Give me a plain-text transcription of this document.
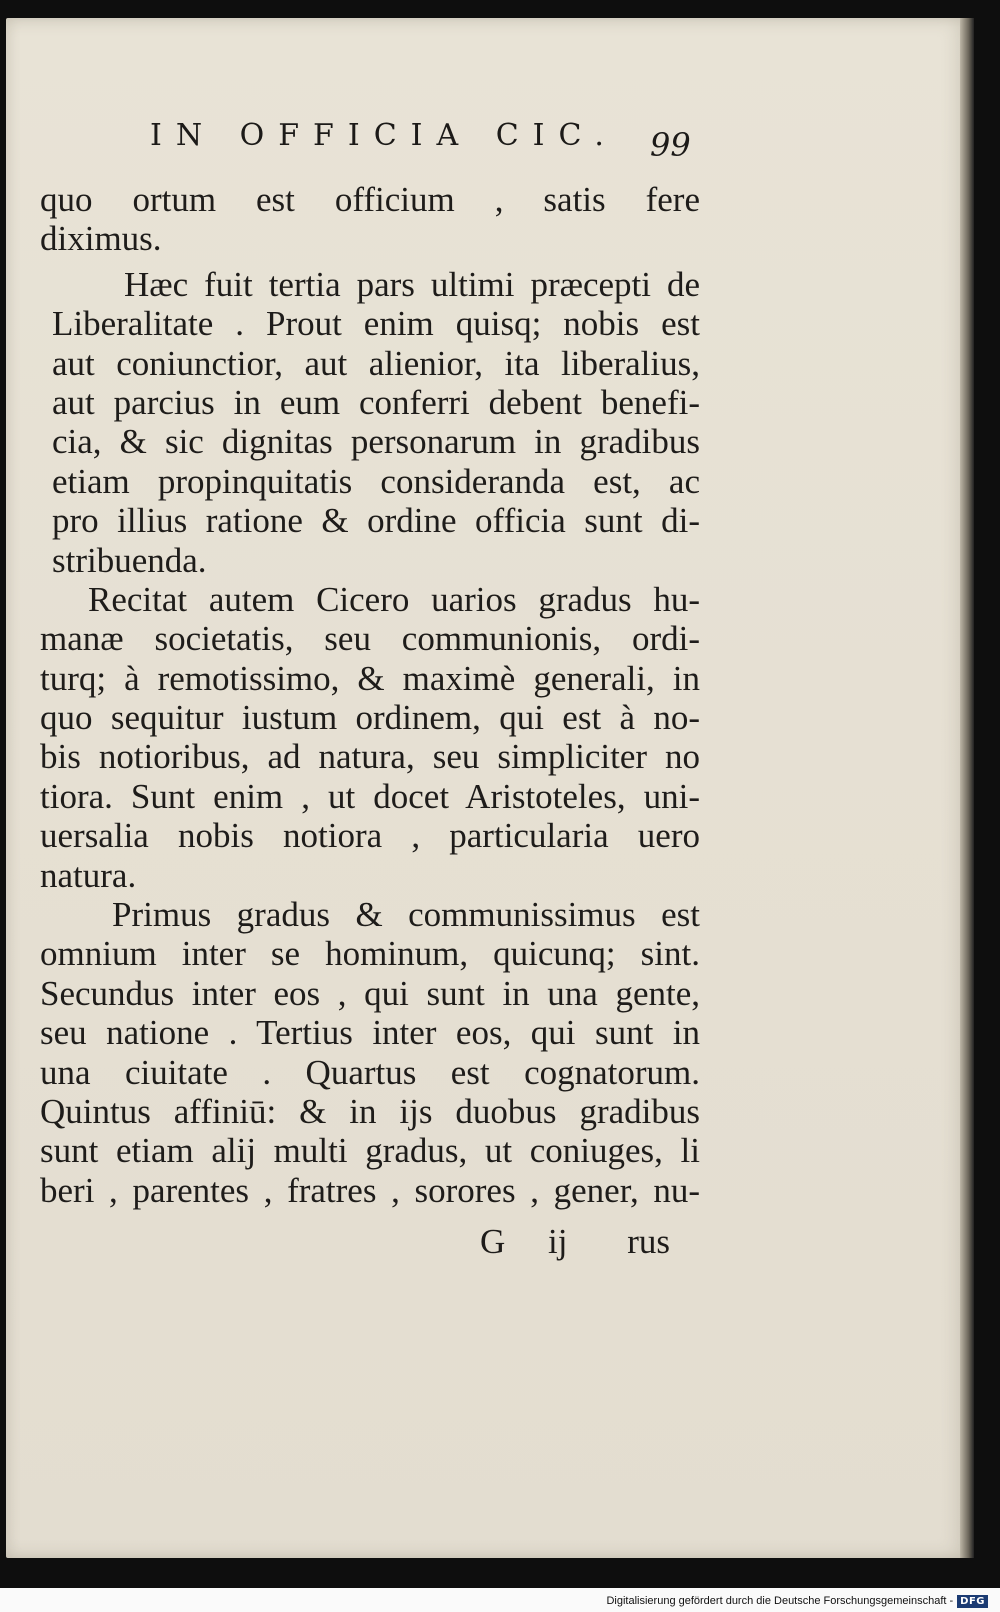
IN OFFICIA CIC. 99
quo ortum est officium , satis fere
diximus.
Hæc fuit tertia pars ultimi præcepti de
Liberalitate . Prout enim quisq; nobis est
aut coniunctior, aut alienior, ita liberalius,
aut parcius in eum conferri debent benefi-
cia, & sic dignitas personarum in gradibus
etiam propinquitatis consideranda est, ac
pro illius ratione & ordine officia sunt di-
stribuenda.
Recitat autem Cicero uarios gradus hu-
manæ societatis, seu communionis, ordi-
turq; à remotissimo, & maximè generali, in
quo sequitur iustum ordinem, qui est à no-
bis notioribus, ad natura, seu simpliciter no
tiora. Sunt enim , ut docet Aristoteles, uni-
uersalia nobis notiora , particularia uero
natura.
Primus gradus & communissimus est
omnium inter se hominum, quicunq; sint.
Secundus inter eos , qui sunt in una gente,
seu natione . Tertius inter eos, qui sunt in
una ciuitate . Quartus est cognatorum.
Quintus affiniū: & in ijs duobus gradibus
sunt etiam alij multi gradus, ut coniuges, li
beri , parentes , fratres , sorores , gener, nu-
G ij rus
Digitalisierung gefördert durch die Deutsche Forschungsgemeinschaft - DFG
